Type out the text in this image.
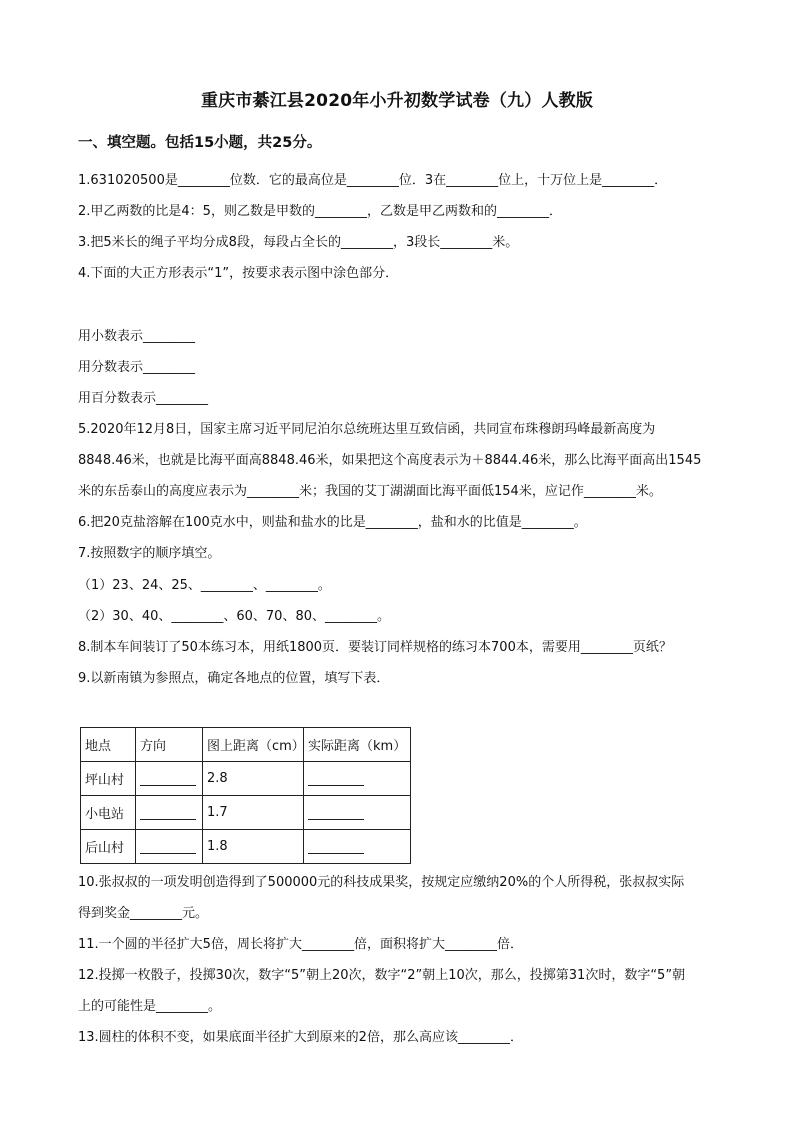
重庆市綦江县2020年小升初数学试卷（九）人教版
一、填空题。包括15小题，共25分。
1.631020500是________位数．它的最高位是________位．3在________位上，十万位上是________．
2.甲乙两数的比是4：5，则乙数是甲数的________，乙数是甲乙两数和的________．
3.把5米长的绳子平均分成8段，每段占全长的________，3段长________米。
4.下面的大正方形表示“1”，按要求表示图中涂色部分．
用小数表示________
用分数表示________
用百分数表示________
5.2020年12月8日，国家主席习近平同尼泊尔总统班达里互致信函，共同宣布珠穆朗玛峰最新高度为
8848.46米，也就是比海平面高8848.46米，如果把这个高度表示为＋8844.46米，那么比海平面高出1545
米的东岳泰山的高度应表示为________米；我国的艾丁湖湖面比海平面低154米，应记作________米。
6.把20克盐溶解在100克水中，则盐和盐水的比是________，盐和水的比值是________。
7.按照数字的顺序填空。
（1）23、24、25、________、________。
（2）30、40、________、60、70、80、________。
8.制本车间装订了50本练习本，用纸1800页．要装订同样规格的练习本700本，需要用________页纸？
9.以新南镇为参照点，确定各地点的位置，填写下表．
地点	方向	图上距离（cm）	实际距离（km）
坪山村		2.8	
小电站		1.7	
后山村		1.8	
10.张叔叔的一项发明创造得到了500000元的科技成果奖，按规定应缴纳20%的个人所得税，张叔叔实际
得到奖金________元。
11.一个圆的半径扩大5倍，周长将扩大________倍，面积将扩大________倍．
12.投掷一枚骰子，投掷30次，数字“5”朝上20次，数字“2”朝上10次，那么，投掷第31次时，数字“5”朝
上的可能性是________。
13.圆柱的体积不变，如果底面半径扩大到原来的2倍，那么高应该________．
